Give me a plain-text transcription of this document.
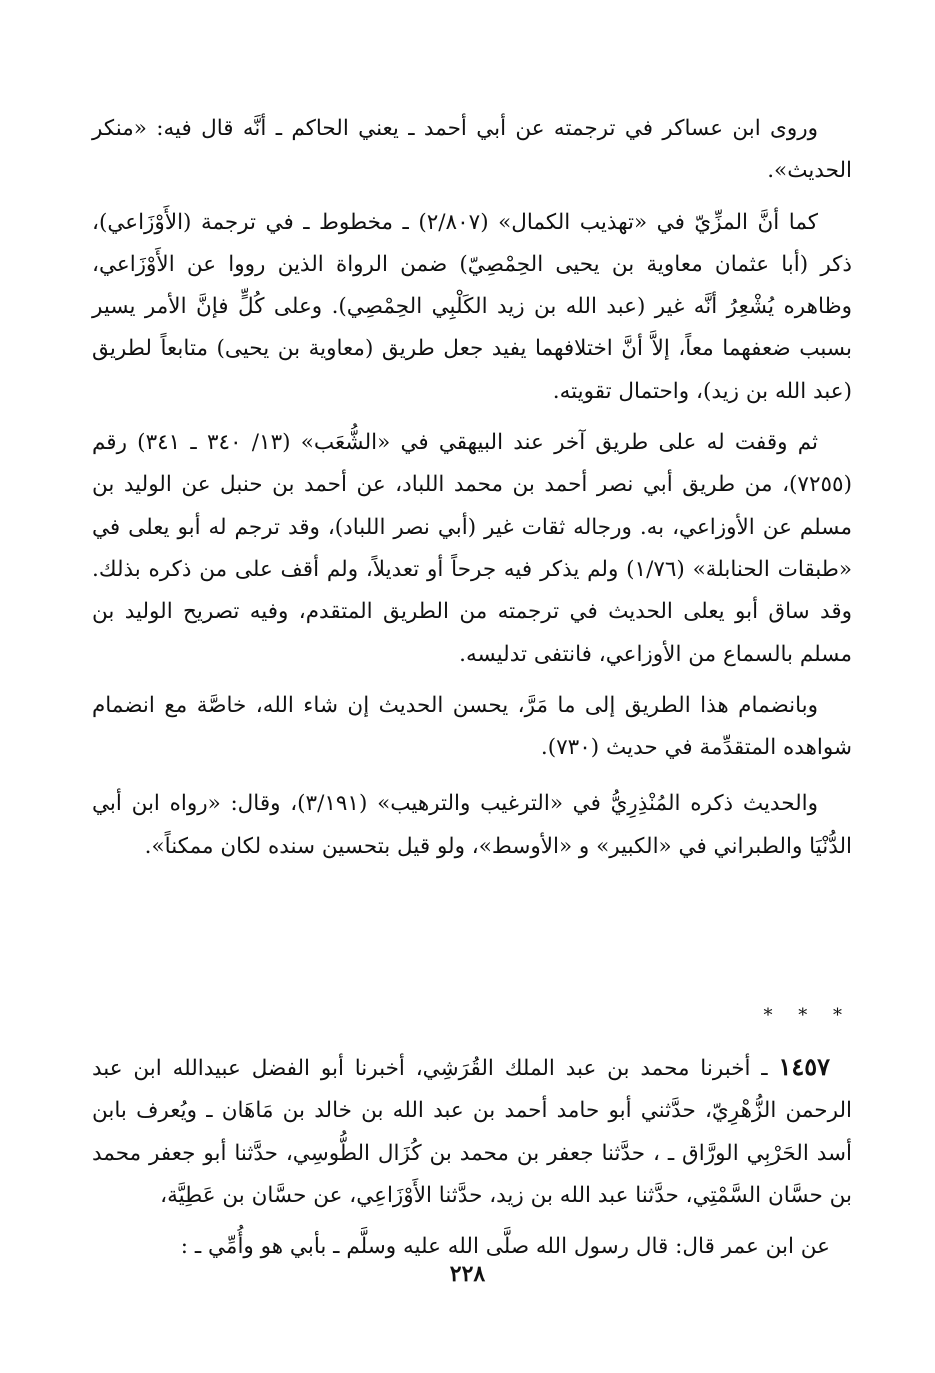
وروى ابن عساكر في ترجمته عن أبي أحمد ـ يعني الحاكم ـ أنَّه قال فيه: «منكر الحديث».

كما أنَّ المزِّيّ في «تهذيب الكمال» (٢/٨٠٧) ـ مخطوط ـ في ترجمة (الأَوْزَاعي)، ذكر (أبا عثمان معاوية بن يحيى الحِمْصِيّ) ضمن الرواة الذين رووا عن الأَوْزَاعي، وظاهره يُشْعِرُ أنَّه غير (عبد الله بن زيد الكَلْبِي الحِمْصِي). وعلى كُلٍّ فإنَّ الأمر يسير بسبب ضعفهما معاً، إلاَّ أنَّ اختلافهما يفيد جعل طريق (معاوية بن يحيى) متابعاً لطريق (عبد الله بن زيد)، واحتمال تقويته.

ثم وقفت له على طريق آخر عند البيهقي في «الشُّعَب» (١٣/ ٣٤٠ ـ ٣٤١) رقم (٧٢٥٥)، من طريق أبي نصر أحمد بن محمد اللباد، عن أحمد بن حنبل عن الوليد بن مسلم عن الأوزاعي، به. ورجاله ثقات غير (أبي نصر اللباد)، وقد ترجم له أبو يعلى في «طبقات الحنابلة» (١/٧٦) ولم يذكر فيه جرحاً أو تعديلاً، ولم أقف على من ذكره بذلك. وقد ساق أبو يعلى الحديث في ترجمته من الطريق المتقدم، وفيه تصريح الوليد بن مسلم بالسماع من الأوزاعي، فانتفى تدليسه.

وبانضمام هذا الطريق إلى ما مَرَّ، يحسن الحديث إن شاء الله، خاصَّة مع انضمام شواهده المتقدِّمة في حديث (٧٣٠).

والحديث ذكره المُنْذِرِيُّ في «الترغيب والترهيب» (٣/١٩١)، وقال: «رواه ابن أبي الدُّنْيَا والطبراني في «الكبير» و «الأوسط»، ولو قيل بتحسين سنده لكان ممكناً».

* * *

١٤٥٧ ـ أخبرنا محمد بن عبد الملك القُرَشِي، أخبرنا أبو الفضل عبيدالله ابن عبد الرحمن الزُّهْرِيّ، حدَّثني أبو حامد أحمد بن عبد الله بن خالد بن مَاهَان ـ ويُعرف بابن أسد الحَرْبِي الورَّاق ـ ، حدَّثنا جعفر بن محمد بن كُزَال الطُّوسِي، حدَّثنا أبو جعفر محمد بن حسَّان السَّمْتِي، حدَّثنا عبد الله بن زيد، حدَّثنا الأَوْزَاعِي، عن حسَّان بن عَطِيَّة،

عن ابن عمر قال: قال رسول الله صلَّى الله عليه وسلَّم ـ بأبي هو وأُمِّي ـ :

٢٢٨
